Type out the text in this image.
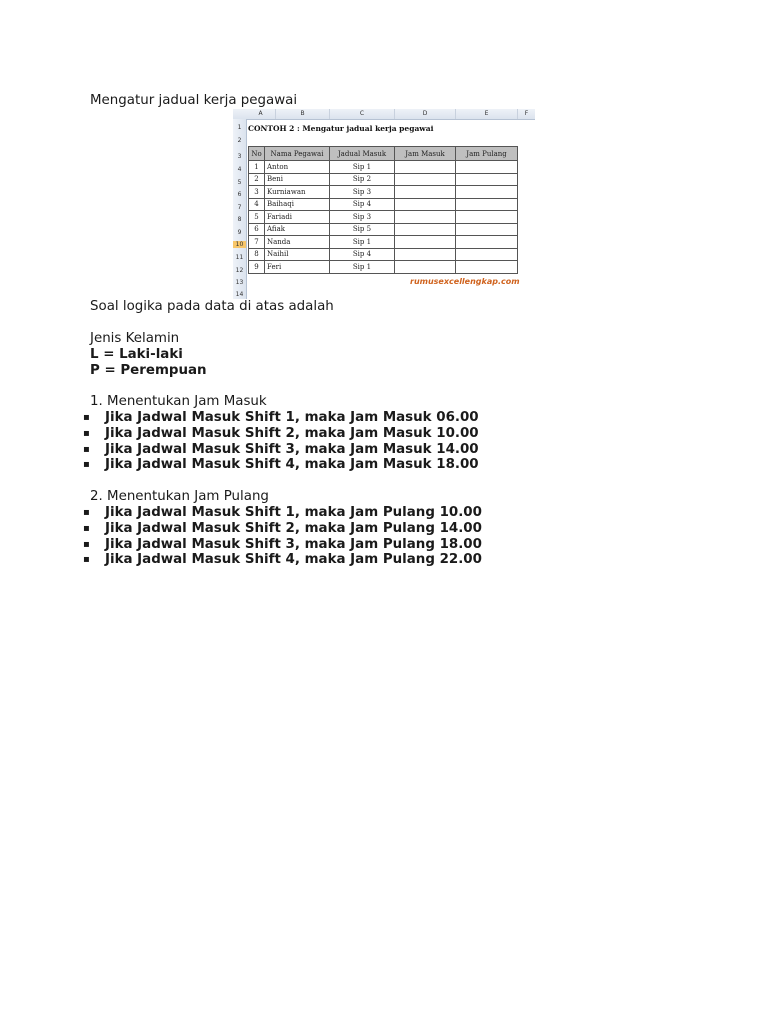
Mengatur jadual kerja pegawai
A	B	C	D	E	F
1
2
3
4
5
6
7
8
9
10
11
12
13
14
CONTOH 2 : Mengatur jadual kerja pegawai
No	Nama Pegawai	Jadual Masuk	Jam Masuk	Jam Pulang
1	Anton	Sip 1		
2	Beni	Sip 2		
3	Kurniawan	Sip 3		
4	Baihaqi	Sip 4		
5	Fariadi	Sip 3		
6	Afiak	Sip 5		
7	Nanda	Sip 1		
8	Naihil	Sip 4		
9	Feri	Sip 1		
rumusexcellengkap.com
Soal logika pada data di atas adalah
Jenis Kelamin
L = Laki-laki
P = Perempuan
1. Menentukan Jam Masuk
▪ Jika Jadwal Masuk Shift 1, maka Jam Masuk 06.00
▪ Jika Jadwal Masuk Shift 2, maka Jam Masuk 10.00
▪ Jika Jadwal Masuk Shift 3, maka Jam Masuk 14.00
▪ Jika Jadwal Masuk Shift 4, maka Jam Masuk 18.00
2. Menentukan Jam Pulang
▪ Jika Jadwal Masuk Shift 1, maka Jam Pulang 10.00
▪ Jika Jadwal Masuk Shift 2, maka Jam Pulang 14.00
▪ Jika Jadwal Masuk Shift 3, maka Jam Pulang 18.00
▪ Jika Jadwal Masuk Shift 4, maka Jam Pulang 22.00
